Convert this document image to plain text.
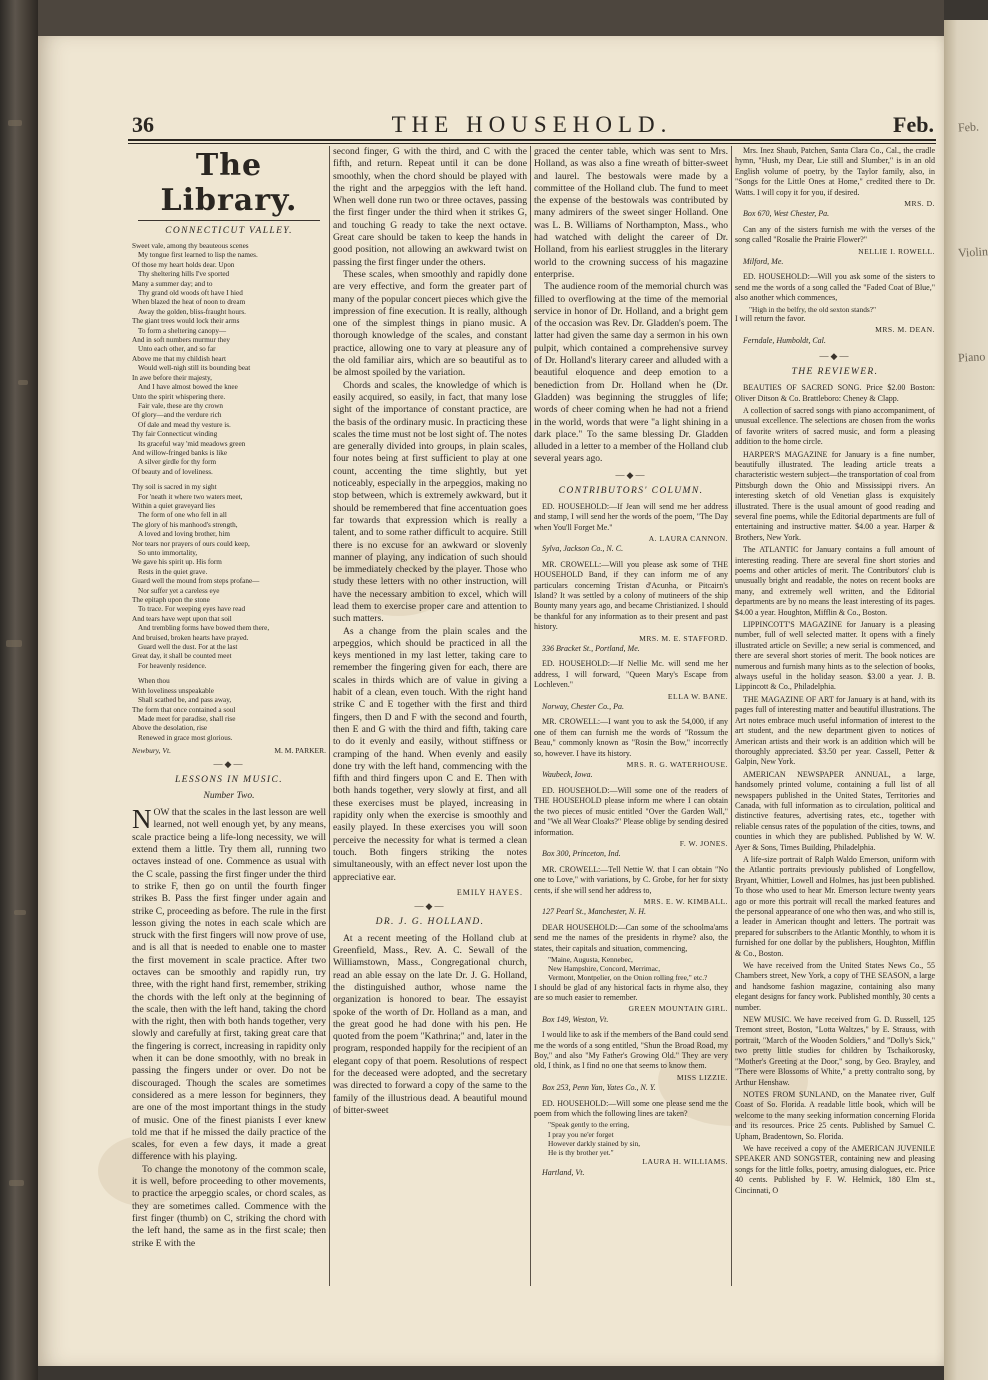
Feb.
Violin
Piano
36	THE HOUSEHOLD.	Feb.
The Library.
CONNECTICUT VALLEY.
Sweet vale, among thy beauteous scenes
My tongue first learned to lisp the names.
Of those my heart holds dear. Upon
Thy sheltering hills I've sported
Many a summer day; and to
Thy grand old woods oft have I hied
When blazed the heat of noon to dream
Away the golden, bliss-fraught hours.
The giant trees would lock their arms
To form a sheltering canopy—
And in soft numbers murmur they
Unto each other, and so far
Above me that my childish heart
Would well-nigh still its bounding beat
In awe before their majesty,
And I have almost bowed the knee
Unto the spirit whispering there.
Fair vale, these are thy crown
Of glory—and the verdure rich
Of dale and mead thy vesture is.
Thy fair Connecticut winding
Its graceful way 'mid meadows green
And willow-fringed banks is like
A silver girdle for thy form
Of beauty and of loveliness.
Thy soil is sacred in my sight
For 'neath it where two waters meet,
Within a quiet graveyard lies
The form of one who fell in all
The glory of his manhood's strength,
A loved and loving brother, him
Nor tears nor prayers of ours could keep,
So unto immortality,
We gave his spirit up. His form
Rests in the quiet grave.
Guard well the mound from steps profane—
Nor suffer yet a careless eye
The epitaph upon the stone
To trace. For weeping eyes have read
And tears have wept upon that soil
And trembling forms have bowed them there,
And bruised, broken hearts have prayed.
Guard well the dust. For at the last
Great day, it shall be counted meet
For heavenly residence.
When thou
With loveliness unspeakable
Shall scathed be, and pass away,
The form that once contained a soul
Made meet for paradise, shall rise
Above the desolation, rise
Renewed in grace most glorious.
Newbury, Vt.	M. M. PARKER.
—◆—
LESSONS IN MUSIC.
Number Two.

NOW that the scales in the last lesson are well learned, not well enough yet, by any means, scale practice being a life-long necessity, we will extend them a little. Try them all, running two octaves instead of one. Commence as usual with the C scale, passing the first finger under the third to strike F, then go on until the fourth finger strikes B. Pass the first finger under again and strike C, proceeding as before. The rule in the first lesson giving the notes in each scale which are struck with the first fingers will now prove of use, and is all that is needed to enable one to master the first movement in scale practice. After two octaves can be smoothly and rapidly run, try three, with the right hand first, remember, striking the chords with the left only at the beginning of the scale, then with the left hand, taking the chord with the right, then with both hands together, very slowly and carefully at first, taking great care that the fingering is correct, increasing in rapidity only when it can be done smoothly, with no break in passing the fingers under or over. Do not be discouraged. Though the scales are sometimes considered as a mere lesson for beginners, they are one of the most important things in the study of music. One of the finest pianists I ever knew told me that if he missed the daily practice of the scales, for even a few days, it made a great difference with his playing.

To change the monotony of the common scale, it is well, before proceeding to other movements, to practice the arpeggio scales, or chord scales, as they are sometimes called. Commence with the first finger (thumb) on C, striking the chord with the left hand, the same as in the first scale; then strike E with the

second finger, G with the third, and C with the fifth, and return. Repeat until it can be done smoothly, when the chord should be played with the right and the arpeggios with the left hand. When well done run two or three octaves, passing the first finger under the third when it strikes G, and touching G ready to take the next octave. Great care should be taken to keep the hands in good position, not allowing an awkward twist on passing the first finger under the others.

These scales, when smoothly and rapidly done are very effective, and form the greater part of many of the popular concert pieces which give the impression of fine execution. It is really, although one of the simplest things in piano music. A thorough knowledge of the scales, and constant practice, allowing one to vary at pleasure any of the old familiar airs, which are so beautiful as to be almost spoiled by the variation.

Chords and scales, the knowledge of which is easily acquired, so easily, in fact, that many lose sight of the importance of constant practice, are the basis of the ordinary music. In practicing these scales the time must not be lost sight of. The notes are generally divided into groups, in plain scales, four notes being at first sufficient to play at one count, accenting the time slightly, but yet noticeably, especially in the arpeggios, making no stop between, which is extremely awkward, but it should be remembered that fine accentuation goes far towards that expression which is really a talent, and to some rather difficult to acquire. Still there is no excuse for an awkward or slovenly manner of playing, any indication of such should be immediately checked by the player. Those who study these letters with no other instruction, will have the necessary ambition to excel, which will lead them to exercise proper care and attention to such matters.

As a change from the plain scales and the arpeggios, which should be practiced in all the keys mentioned in my last letter, taking care to remember the fingering given for each, there are scales in thirds which are of value in giving a habit of a clean, even touch. With the right hand strike C and E together with the first and third fingers, then D and F with the second and fourth, then E and G with the third and fifth, taking care to do it evenly and easily, without stiffness or cramping of the hand. When evenly and easily done try with the left hand, commencing with the fifth and third fingers upon C and E. Then with both hands together, very slowly at first, and all these exercises must be played, increasing in rapidity only when the exercise is smoothly and easily played. In these exercises you will soon perceive the necessity for what is termed a clean touch. Both fingers striking the notes simultaneously, with an effect never lost upon the appreciative ear.

EMILY HAYES.
—◆—
DR. J. G. HOLLAND.

At a recent meeting of the Holland club at Greenfield, Mass., Rev. A. C. Sewall of the Williamstown, Mass., Congregational church, read an able essay on the late Dr. J. G. Holland, the distinguished author, whose name the organization is honored to bear. The essayist spoke of the worth of Dr. Holland as a man, and the great good he had done with his pen. He quoted from the poem "Kathrina;" and, later in the program, responded happily for the recipient of an elegant copy of that poem. Resolutions of respect for the deceased were adopted, and the secretary was directed to forward a copy of the same to the family of the illustrious dead. A beautiful mound of bitter-sweet

graced the center table, which was sent to Mrs. Holland, as was also a fine wreath of bitter-sweet and laurel. The bestowals were made by a committee of the Holland club. The fund to meet the expense of the bestowals was contributed by many admirers of the sweet singer Holland. One was L. B. Williams of Northampton, Mass., who had watched with delight the career of Dr. Holland, from his earliest struggles in the literary world to the crowning success of his magazine enterprise.

The audience room of the memorial church was filled to overflowing at the time of the memorial service in honor of Dr. Holland, and a bright gem of the occasion was Rev. Dr. Gladden's poem. The latter had given the same day a sermon in his own pulpit, which contained a comprehensive survey of Dr. Holland's literary career and alluded with a beautiful eloquence and deep emotion to a benediction from Dr. Holland when he (Dr. Gladden) was beginning the struggles of life; words of cheer coming when he had not a friend in the world, words that were "a light shining in a dark place." To the same blessing Dr. Gladden alluded in a letter to a member of the Holland club several years ago.

—◆—
CONTRIBUTORS' COLUMN.

ED. HOUSEHOLD:—If Jean will send me her address and stamp, I will send her the words of the poem, "The Day when You'll Forget Me."

A. LAURA CANNON.
Sylva, Jackson Co., N. C.

MR. CROWELL:—Will you please ask some of THE HOUSEHOLD Band, if they can inform me of any particulars concerning Tristan d'Acunha, or Pitcairn's Island? It was settled by a colony of mutineers of the ship Bounty many years ago, and became Christianized. I should be thankful for any information as to their present and past history.

MRS. M. E. STAFFORD.
336 Bracket St., Portland, Me.

ED. HOUSEHOLD:—If Nellie Mc. will send me her address, I will forward, "Queen Mary's Escape from Lochleven."

ELLA W. BANE.
Norway, Chester Co., Pa.

MR. CROWELL:—I want you to ask the 54,000, if any one of them can furnish me the words of "Rossum the Beau," commonly known as "Rosin the Bow," incorrectly so, however. I have its history.

MRS. R. G. WATERHOUSE.
Waubeck, Iowa.

ED. HOUSEHOLD:—Will some one of the readers of THE HOUSEHOLD please inform me where I can obtain the two pieces of music entitled "Over the Garden Wall," and "We all Wear Cloaks?" Please oblige by sending desired information.

F. W. JONES.
Box 300, Princeton, Ind.

MR. CROWELL:—Tell Nettie W. that I can obtain "No one to Love," with variations, by C. Grobe, for her for sixty cents, if she will send her address to,

MRS. E. W. KIMBALL.
127 Pearl St., Manchester, N. H.

DEAR HOUSEHOLD:—Can some of the schoolma'ams send me the names of the presidents in rhyme? also, the states, their capitals and situation, commencing,

"Maine, Augusta, Kennebec,
New Hampshire, Concord, Merrimac,
Vermont, Montpelier, on the Onion rolling free," etc.?

I should be glad of any historical facts in rhyme also, they are so much easier to remember.

GREEN MOUNTAIN GIRL.
Box 149, Weston, Vt.

I would like to ask if the members of the Band could send me the words of a song entitled, "Shun the Broad Road, my Boy," and also "My Father's Growing Old." They are very old, I think, as I find no one that seems to know them.

MISS LIZZIE.
Box 253, Penn Yan, Yates Co., N. Y.

ED. HOUSEHOLD:—Will some one please send me the poem from which the following lines are taken?

"Speak gently to the erring,
I pray you ne'er forget
However darkly stained by sin,
He is thy brother yet."
LAURA H. WILLIAMS.
Hartland, Vt.

Mrs. Inez Shaub, Patchen, Santa Clara Co., Cal., the cradle hymn, "Hush, my Dear, Lie still and Slumber," is in an old English volume of poetry, by the Taylor family, also, in "Songs for the Little Ones at Home," credited there to Dr. Watts. I will copy it for you, if desired.

MRS. D.
Box 670, West Chester, Pa.

Can any of the sisters furnish me with the verses of the song called "Rosalie the Prairie Flower?"

NELLIE I. ROWELL.
Milford, Me.

ED. HOUSEHOLD:—Will you ask some of the sisters to send me the words of a song called the "Faded Coat of Blue," also another which commences,

"High in the belfry, the old sexton stands?"

I will return the favor.

MRS. M. DEAN.
Ferndale, Humboldt, Cal.
—◆—
THE REVIEWER.

BEAUTIES OF SACRED SONG. Price $2.00 Boston: Oliver Ditson & Co. Brattleboro: Cheney & Clapp.

A collection of sacred songs with piano accompaniment, of unusual excellence. The selections are chosen from the works of favorite writers of sacred music, and form a pleasing addition to the home circle.

HARPER'S MAGAZINE for January is a fine number, beautifully illustrated. The leading article treats a characteristic western subject—the transportation of coal from Pittsburgh down the Ohio and Mississippi rivers. An interesting sketch of old Venetian glass is exquisitely illustrated. There is the usual amount of good reading and several fine poems, while the Editorial departments are full of entertaining and instructive matter. $4.00 a year. Harper & Brothers, New York.

The ATLANTIC for January contains a full amount of interesting reading. There are several fine short stories and poems and other articles of merit. The Contributors' club is unusually bright and readable, the notes on recent books are many, and extremely well written, and the Editorial departments are by no means the least interesting of its pages. $4.00 a year. Houghton, Mifflin & Co., Boston.

LIPPINCOTT'S MAGAZINE for January is a pleasing number, full of well selected matter. It opens with a finely illustrated article on Seville; a new serial is commenced, and there are several short stories of merit. The book notices are numerous and furnish many hints as to the selection of books, always useful in the holiday season. $3.00 a year. J. B. Lippincott & Co., Philadelphia.

THE MAGAZINE OF ART for January is at hand, with its pages full of interesting matter and beautiful illustrations. The Art notes embrace much useful information of interest to the art student, and the new department given to notices of American artists and their work is an addition which will be thoroughly appreciated. $3.50 per year. Cassell, Petter & Galpin, New York.

AMERICAN NEWSPAPER ANNUAL, a large, handsomely printed volume, containing a full list of all newspapers published in the United States, Territories and Canada, with full information as to circulation, political and distinctive features, advertising rates, etc., together with reliable census rates of the population of the cities, towns, and counties in which they are published. Published by W. W. Ayer & Sons, Times Building, Philadelphia.

A life-size portrait of Ralph Waldo Emerson, uniform with the Atlantic portraits previously published of Longfellow, Bryant, Whittier, Lowell and Holmes, has just been published. To those who used to hear Mr. Emerson lecture twenty years ago or more this portrait will recall the marked features and the personal appearance of one who then was, and who still is, a leader in American thought and letters. The portrait was prepared for subscribers to the Atlantic Monthly, to whom it is furnished for one dollar by the publishers, Houghton, Mifflin & Co., Boston.

We have received from the United States News Co., 55 Chambers street, New York, a copy of THE SEASON, a large and handsome fashion magazine, containing also many elegant designs for fancy work. Published monthly, 30 cents a number.

NEW MUSIC. We have received from G. D. Russell, 125 Tremont street, Boston, "Lotta Waltzes," by E. Strauss, with portrait, "March of the Wooden Soldiers," and "Dolly's Sick," two pretty little studies for children by Tschaikorosky, "Mother's Greeting at the Door," song, by Geo. Brayley, and "There were Blossoms of White," a pretty contralto song, by Arthur Henshaw.

NOTES FROM SUNLAND, on the Manatee river, Gulf Coast of So. Florida. A readable little book, which will be welcome to the many seeking information concerning Florida and its resources. Price 25 cents. Published by Samuel C. Upham, Bradentown, So. Florida.

We have received a copy of the AMERICAN JUVENILE SPEAKER AND SONGSTER, containing new and pleasing songs for the little folks, poetry, amusing dialogues, etc. Price 40 cents. Published by F. W. Helmick, 180 Elm st., Cincinnati, O
